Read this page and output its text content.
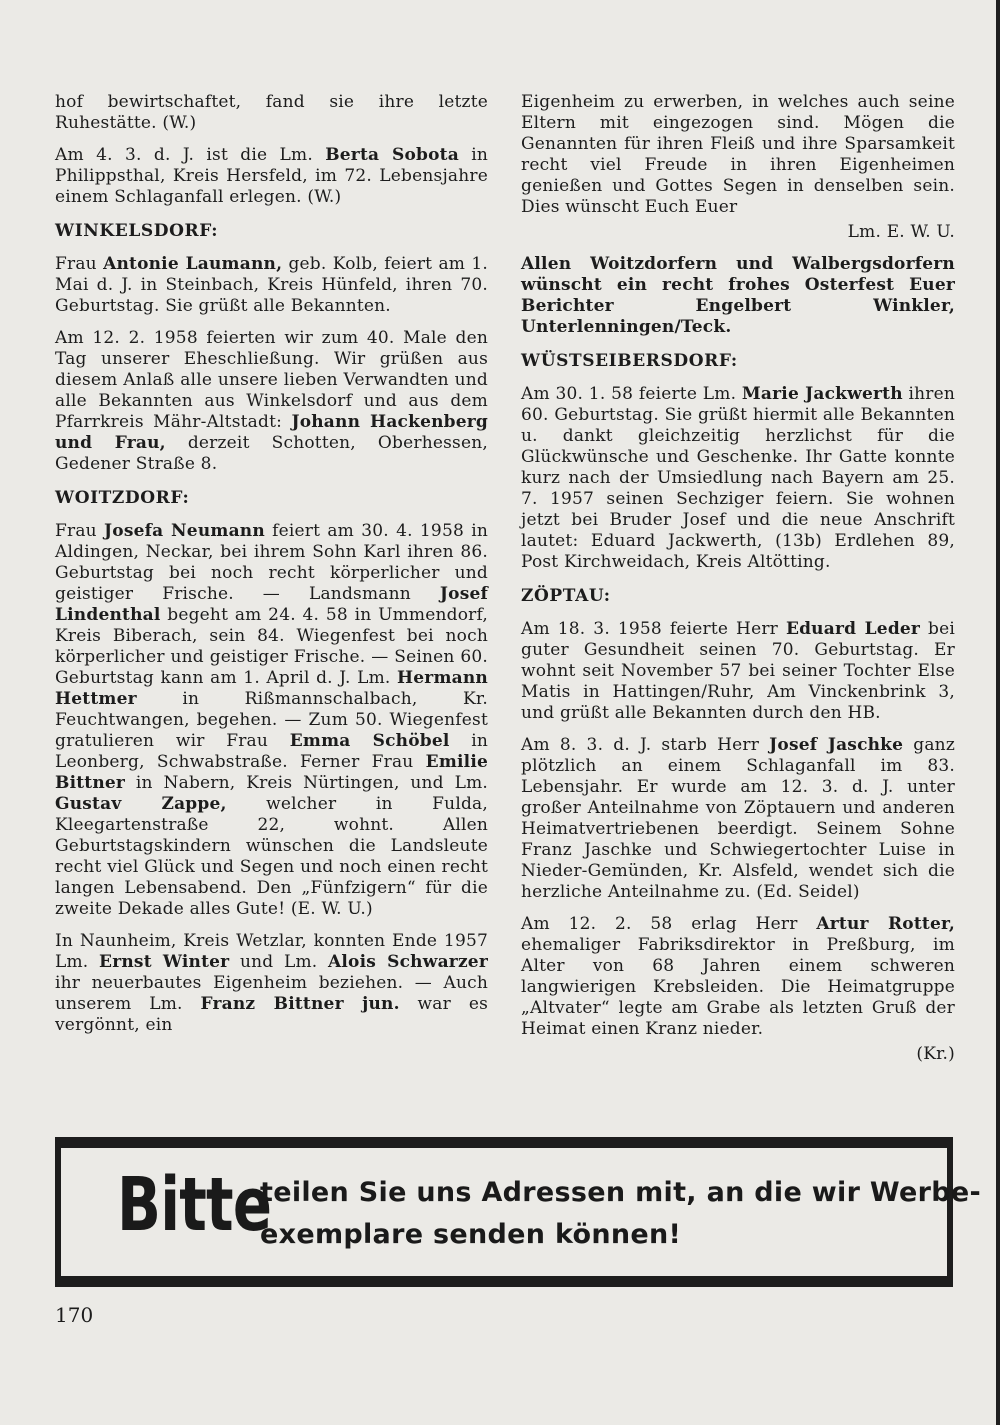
hof bewirtschaftet, fand sie ihre letzte Ruhestätte. (W.)

Am 4. 3. d. J. ist die Lm. Berta Sobota in Philippsthal, Kreis Hersfeld, im 72. Lebensjahre einem Schlaganfall erlegen. (W.)

WINKELSDORF:

Frau Antonie Laumann, geb. Kolb, feiert am 1. Mai d. J. in Steinbach, Kreis Hünfeld, ihren 70. Geburtstag. Sie grüßt alle Bekannten.

Am 12. 2. 1958 feierten wir zum 40. Male den Tag unserer Eheschließung. Wir grüßen aus diesem Anlaß alle unsere lieben Verwandten und alle Bekannten aus Winkelsdorf und aus dem Pfarrkreis Mähr-Altstadt: Johann Hackenberg und Frau, derzeit Schotten, Oberhessen, Gedener Straße 8.

WOITZDORF:

Frau Josefa Neumann feiert am 30. 4. 1958 in Aldingen, Neckar, bei ihrem Sohn Karl ihren 86. Geburtstag bei noch recht körperlicher und geistiger Frische. — Landsmann Josef Lindenthal begeht am 24. 4. 58 in Ummendorf, Kreis Biberach, sein 84. Wiegenfest bei noch körperlicher und geistiger Frische. — Seinen 60. Geburtstag kann am 1. April d. J. Lm. Hermann Hettmer	in Rißmannschalbach, Kr. Feuchtwangen, begehen. — Zum 50. Wiegenfest gratulieren wir Frau Emma Schöbel in Leonberg, Schwabstraße. Ferner Frau Emilie Bittner in Nabern, Kreis Nürtingen, und Lm. Gustav Zappe, welcher in Fulda, Kleegartenstraße 22, wohnt. Allen Geburtstagskindern wünschen die Landsleute recht viel Glück und Segen und noch einen recht langen Lebensabend. Den „Fünfzigern“ für die zweite Dekade alles Gute! (E. W. U.)

In Naunheim, Kreis Wetzlar, konnten Ende 1957 Lm. Ernst Winter und Lm. Alois Schwarzer ihr neuerbautes Eigenheim beziehen. — Auch unserem Lm. Franz Bittner jun. war es vergönnt, ein

Eigenheim zu erwerben, in welches auch seine Eltern mit eingezogen sind. Mögen die Genannten für ihren Fleiß und ihre Sparsamkeit recht viel Freude in ihren Eigenheimen genießen und Gottes Segen in denselben sein. Dies wünscht Euch Euer

Lm. E. W. U.

Allen Woitzdorfern und Walbergsdorfern wünscht ein recht frohes Osterfest Euer Berichter Engelbert Winkler, Unterlenningen/Teck.

WÜSTSEIBERSDORF:

Am 30. 1. 58 feierte Lm. Marie Jackwerth ihren 60. Geburtstag. Sie grüßt hiermit alle Bekannten u. dankt gleichzeitig herzlichst für die Glückwünsche und Geschenke. Ihr Gatte konnte kurz nach der Umsiedlung nach Bayern am 25. 7. 1957 seinen Sechziger feiern. Sie wohnen jetzt bei Bruder Josef und die neue Anschrift lautet: Eduard Jackwerth, (13b) Erdlehen 89, Post Kirchweidach, Kreis Altötting.

ZÖPTAU:

Am 18. 3. 1958 feierte Herr Eduard Leder bei guter Gesundheit seinen 70. Geburtstag. Er wohnt seit November 57 bei seiner Tochter Else Matis in Hattingen/Ruhr, Am Vinckenbrink 3, und grüßt alle Bekannten durch den HB.

Am 8. 3. d. J. starb Herr Josef Jaschke ganz plötzlich an einem Schlaganfall im 83. Lebensjahr. Er wurde am 12. 3. d. J. unter großer Anteilnahme von Zöptauern und anderen Heimatvertriebenen beerdigt. Seinem Sohne Franz Jaschke und Schwiegertochter Luise in Nieder-Gemünden, Kr. Alsfeld, wendet sich die herzliche Anteilnahme zu. (Ed. Seidel)

Am 12. 2. 58 erlag Herr Artur Rotter, ehemaliger Fabriksdirektor in Preßburg, im Alter von 68 Jahren einem schweren langwierigen Krebsleiden. Die Heimatgruppe „Altvater“ legte am Grabe als letzten Gruß der Heimat einen Kranz nieder.

(Kr.)
Bitte
teilen Sie uns Adressen mit, an die wir Werbe-
exemplare senden können!
170
